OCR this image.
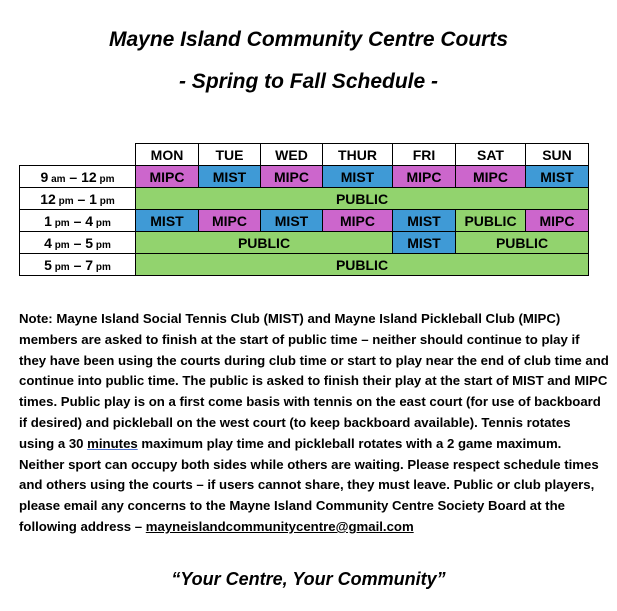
Mayne Island Community Centre Courts
- Spring to Fall Schedule -
	MON	TUE	WED	THUR	FRI	SAT	SUN
9 am – 12 pm	MIPC	MIST	MIPC	MIST	MIPC	MIPC	MIST
12 pm – 1 pm	PUBLIC						
1 pm – 4 pm	MIST	MIPC	MIST	MIPC	MIST	PUBLIC	MIPC
4 pm – 5 pm	PUBLIC				MIST	PUBLIC	
5 pm – 7 pm	PUBLIC						
Note: Mayne Island Social Tennis Club (MIST) and Mayne Island Pickleball Club (MIPC) members are asked to finish at the start of public time – neither should continue to play if they have been using the courts during club time or start to play near the end of club time and continue into public time. The public is asked to finish their play at the start of MIST and MIPC times. Public play is on a first come basis with tennis on the east court (for use of backboard if desired) and pickleball on the west court (to keep backboard available). Tennis rotates using a 30 minutes maximum play time and pickleball rotates with a 2 game maximum. Neither sport can occupy both sides while others are waiting. Please respect schedule times and others using the courts – if users cannot share, they must leave. Public or club players, please email any concerns to the Mayne Island Community Centre Society Board at the following address – mayneislandcommunitycentre@gmail.com
“Your Centre, Your Community”
